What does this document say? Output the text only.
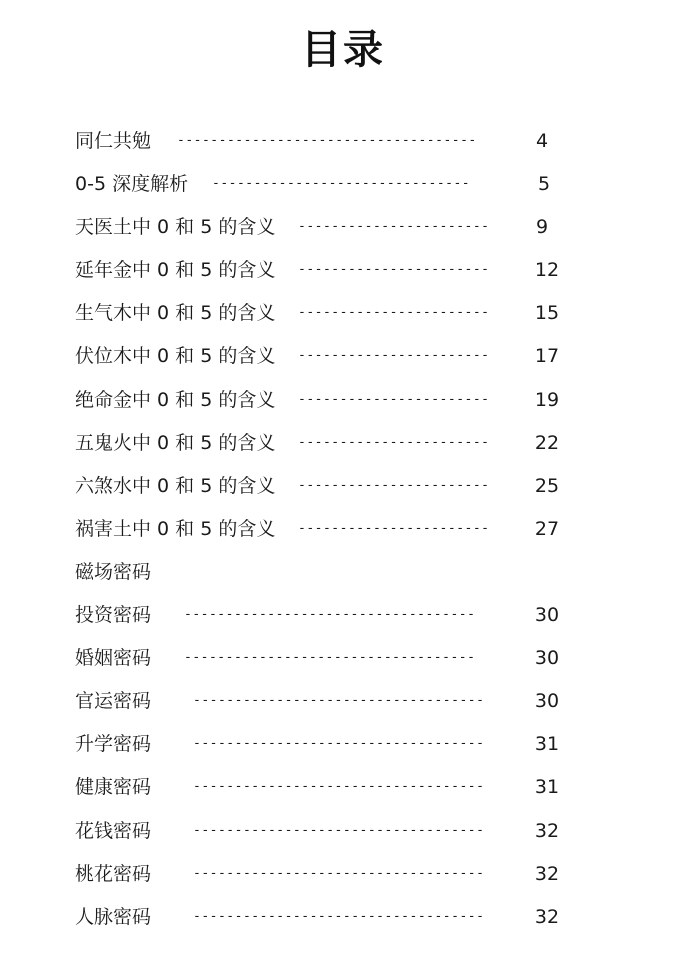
目录
同仁共勉 ------------------------------------	4
0-5 深度解析 -------------------------------	5
天医土中 0 和 5 的含义 -----------------------	9
延年金中 0 和 5 的含义 -----------------------	12
生气木中 0 和 5 的含义 -----------------------	15
伏位木中 0 和 5 的含义 -----------------------	17
绝命金中 0 和 5 的含义 -----------------------	19
五鬼火中 0 和 5 的含义 -----------------------	22
六煞水中 0 和 5 的含义 -----------------------	25
祸害土中 0 和 5 的含义 -----------------------	27
磁场密码
投资密码	-----------------------------------	30
婚姻密码	-----------------------------------	30
官运密码	-----------------------------------	30
升学密码	-----------------------------------	31
健康密码	-----------------------------------	31
花钱密码	-----------------------------------	32
桃花密码	-----------------------------------	32
人脉密码	-----------------------------------	32
